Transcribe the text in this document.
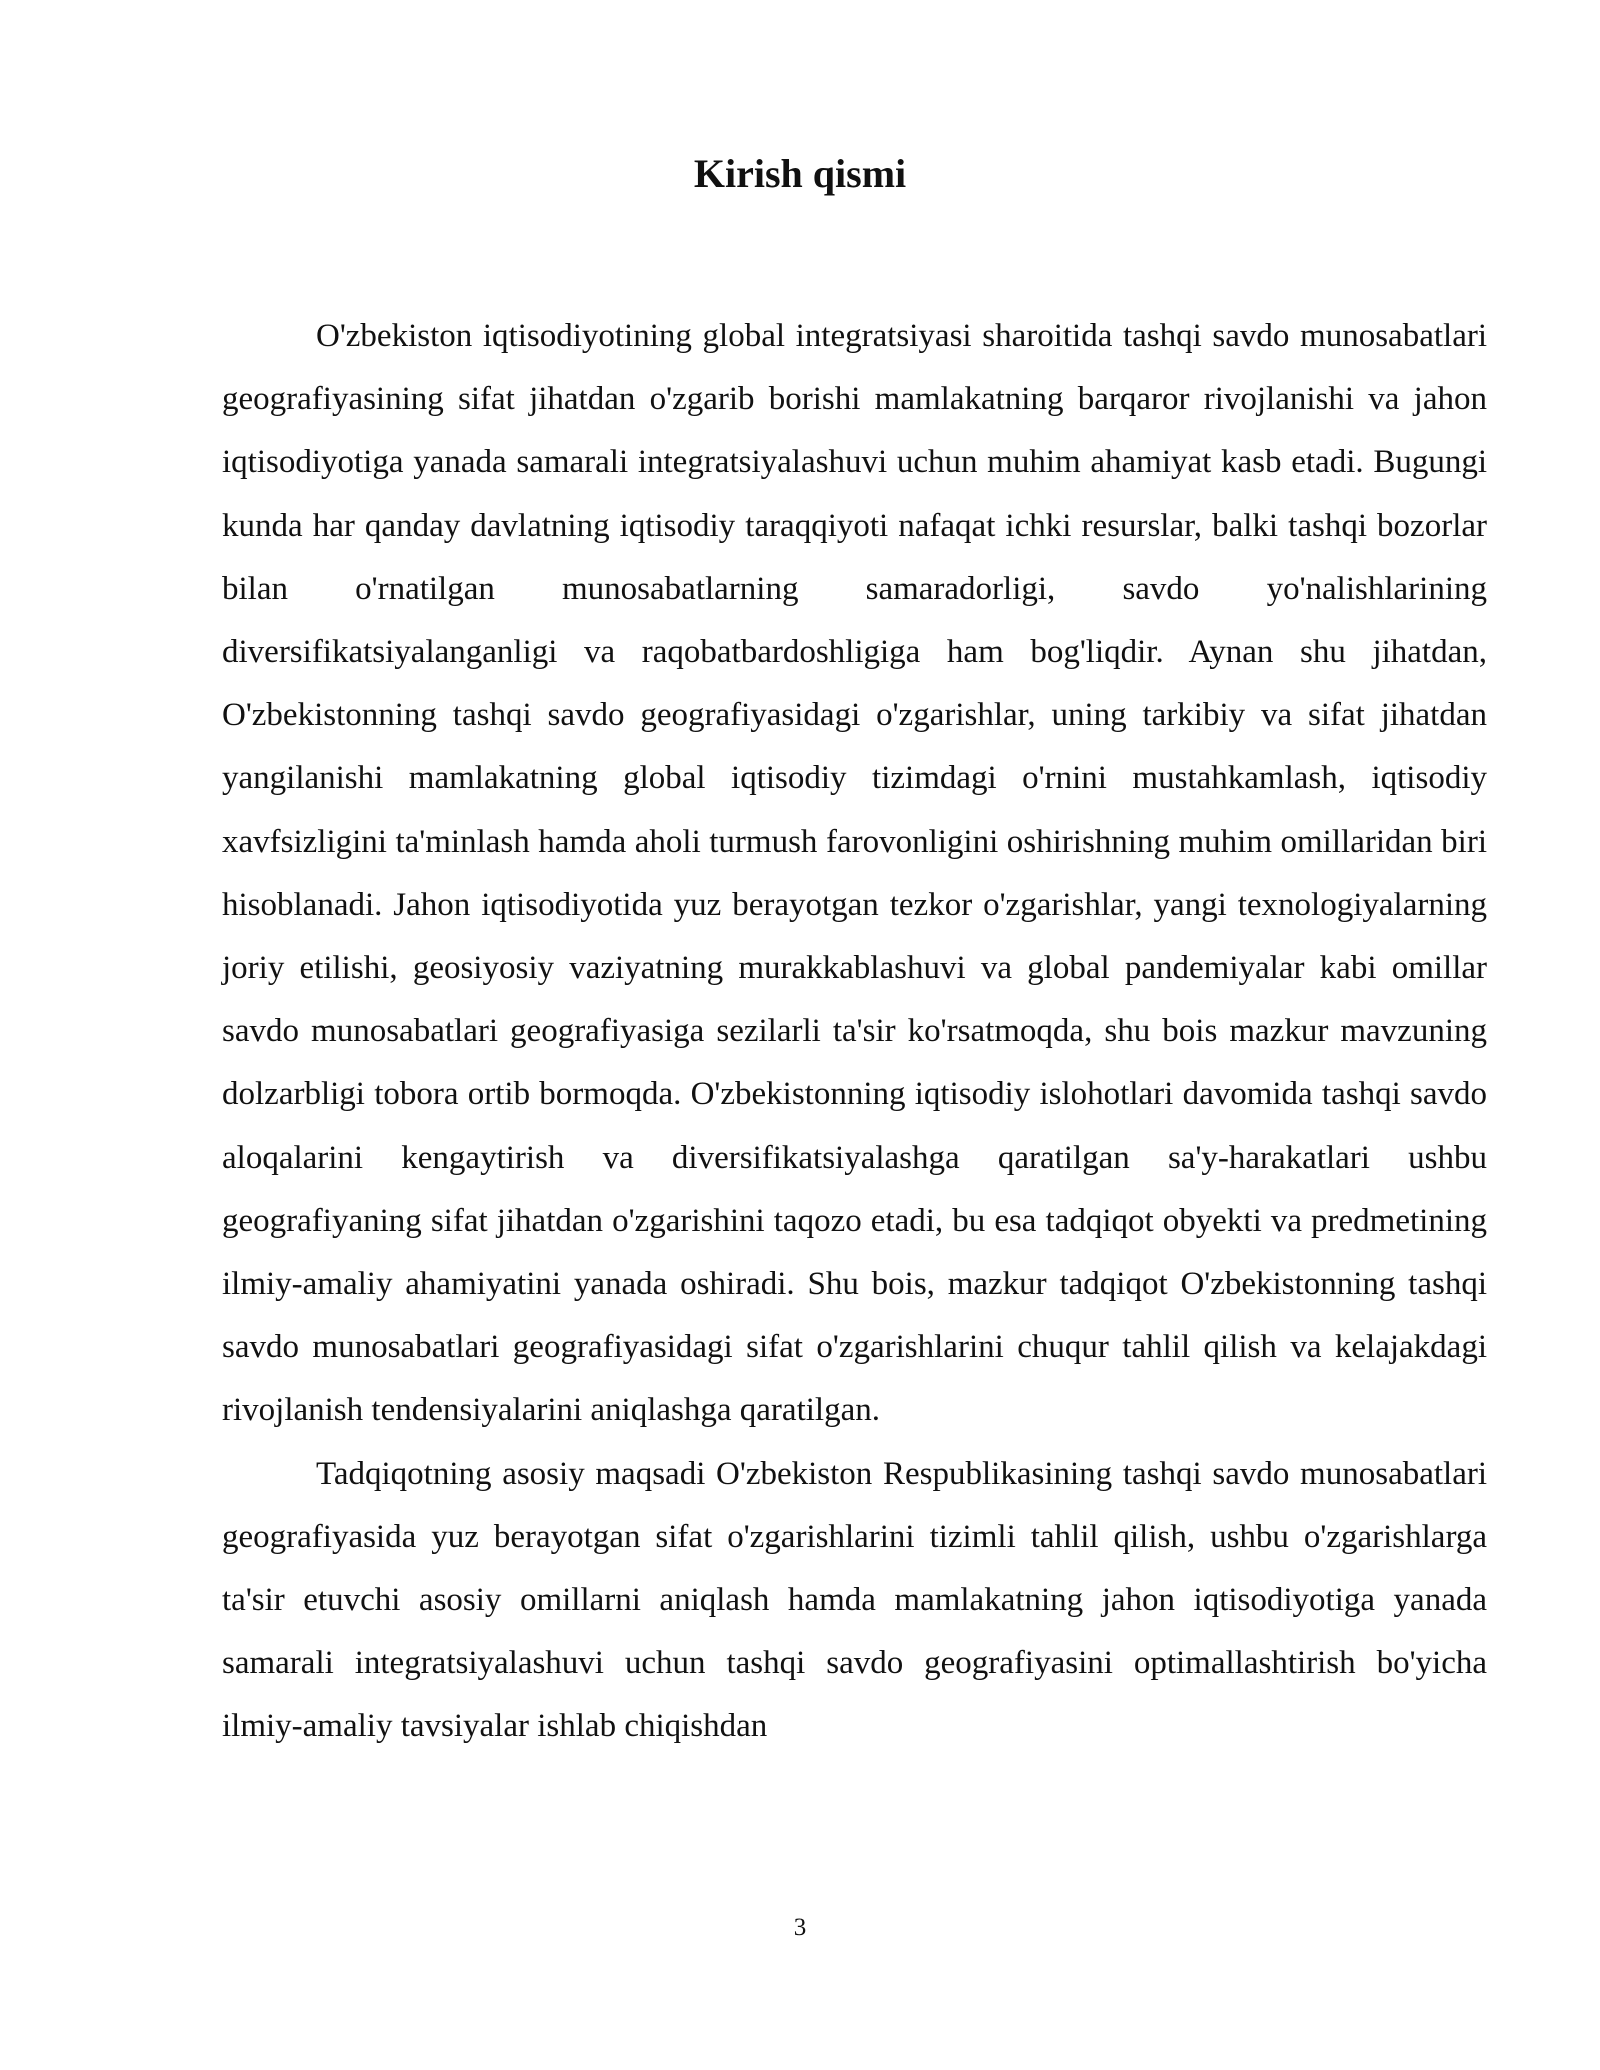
Kirish qismi

O'zbekiston iqtisodiyotining global integratsiyasi sharoitida tashqi savdo munosabatlari geografiyasining sifat jihatdan o'zgarib borishi mamlakatning barqaror rivojlanishi va jahon iqtisodiyotiga yanada samarali integratsiyalashuvi uchun muhim ahamiyat kasb etadi. Bugungi kunda har qanday davlatning iqtisodiy taraqqiyoti nafaqat ichki resurslar, balki tashqi bozorlar bilan o'rnatilgan munosabatlarning samaradorligi, savdo yo'nalishlarining diversifikatsiyalanganligi va raqobatbardoshligiga ham bog'liqdir. Aynan shu jihatdan, O'zbekistonning tashqi savdo geografiyasidagi o'zgarishlar, uning tarkibiy va sifat jihatdan yangilanishi mamlakatning global iqtisodiy tizimdagi o'rnini mustahkamlash, iqtisodiy xavfsizligini ta'minlash hamda aholi turmush farovonligini oshirishning muhim omillaridan biri hisoblanadi. Jahon iqtisodiyotida yuz berayotgan tezkor o'zgarishlar, yangi texnologiyalarning joriy etilishi, geosiyosiy vaziyatning murakkablashuvi va global pandemiyalar kabi omillar savdo munosabatlari geografiyasiga sezilarli ta'sir ko'rsatmoqda, shu bois mazkur mavzuning dolzarbligi tobora ortib bormoqda. O'zbekistonning iqtisodiy islohotlari davomida tashqi savdo aloqalarini kengaytirish va diversifikatsiyalashga qaratilgan sa'y-harakatlari ushbu geografiyaning sifat jihatdan o'zgarishini taqozo etadi, bu esa tadqiqot obyekti va predmetining ilmiy-amaliy ahamiyatini yanada oshiradi. Shu bois, mazkur tadqiqot O'zbekistonning tashqi savdo munosabatlari geografiyasidagi sifat o'zgarishlarini chuqur tahlil qilish va kelajakdagi rivojlanish tendensiyalarini aniqlashga qaratilgan.

Tadqiqotning asosiy maqsadi O'zbekiston Respublikasining tashqi savdo munosabatlari geografiyasida yuz berayotgan sifat o'zgarishlarini tizimli tahlil qilish, ushbu o'zgarishlarga ta'sir etuvchi asosiy omillarni aniqlash hamda mamlakatning jahon iqtisodiyotiga yanada samarali integratsiyalashuvi uchun tashqi savdo geografiyasini optimallashtirish bo'yicha ilmiy-amaliy tavsiyalar ishlab chiqishdan

3
